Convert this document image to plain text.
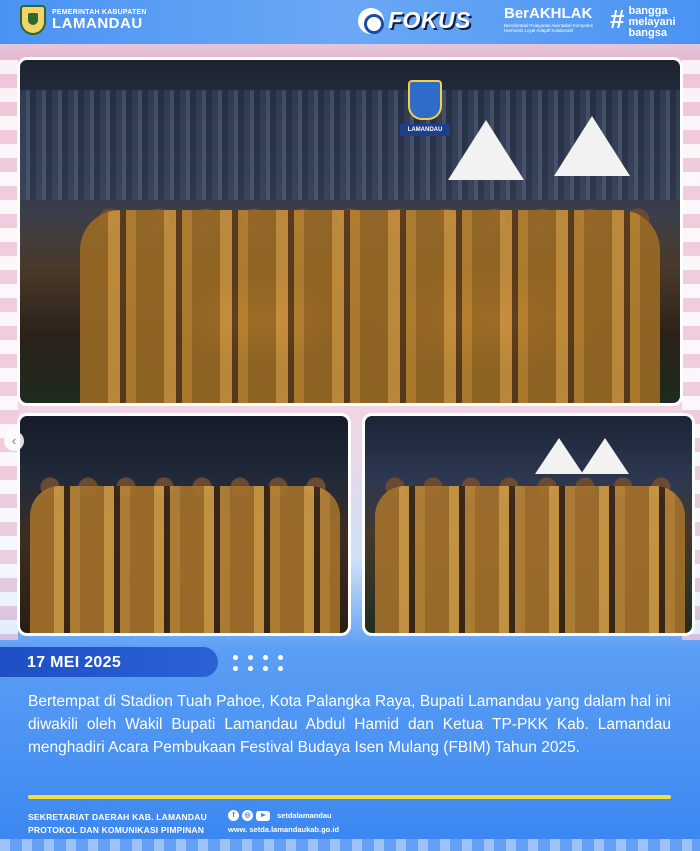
PEMERINTAH KABUPATEN
LAMANDAU	FOKUS BerAKHLAK
Berorientasi Pelayanan Akuntabel Kompeten Harmonis Loyal Adaptif Kolaboratif	# bangga
melayani
bangsa
LAMANDAU
‹
17 MEI 2025
Bertempat di Stadion Tuah Pahoe, Kota Palangka Raya, Bupati Lamandau yang dalam hal ini diwakili oleh Wakil Bupati Lamandau Abdul Hamid dan Ketua TP-PKK Kab. Lamandau menghadiri Acara Pembukaan Festival Budaya Isen Mulang (FBIM) Tahun 2025.
SEKRETARIAT DAERAH KAB. LAMANDAU
PROTOKOL DAN KOMUNIKASI PIMPINAN
f	◎	setdalamandau
www. setda.lamandaukab.go.id
